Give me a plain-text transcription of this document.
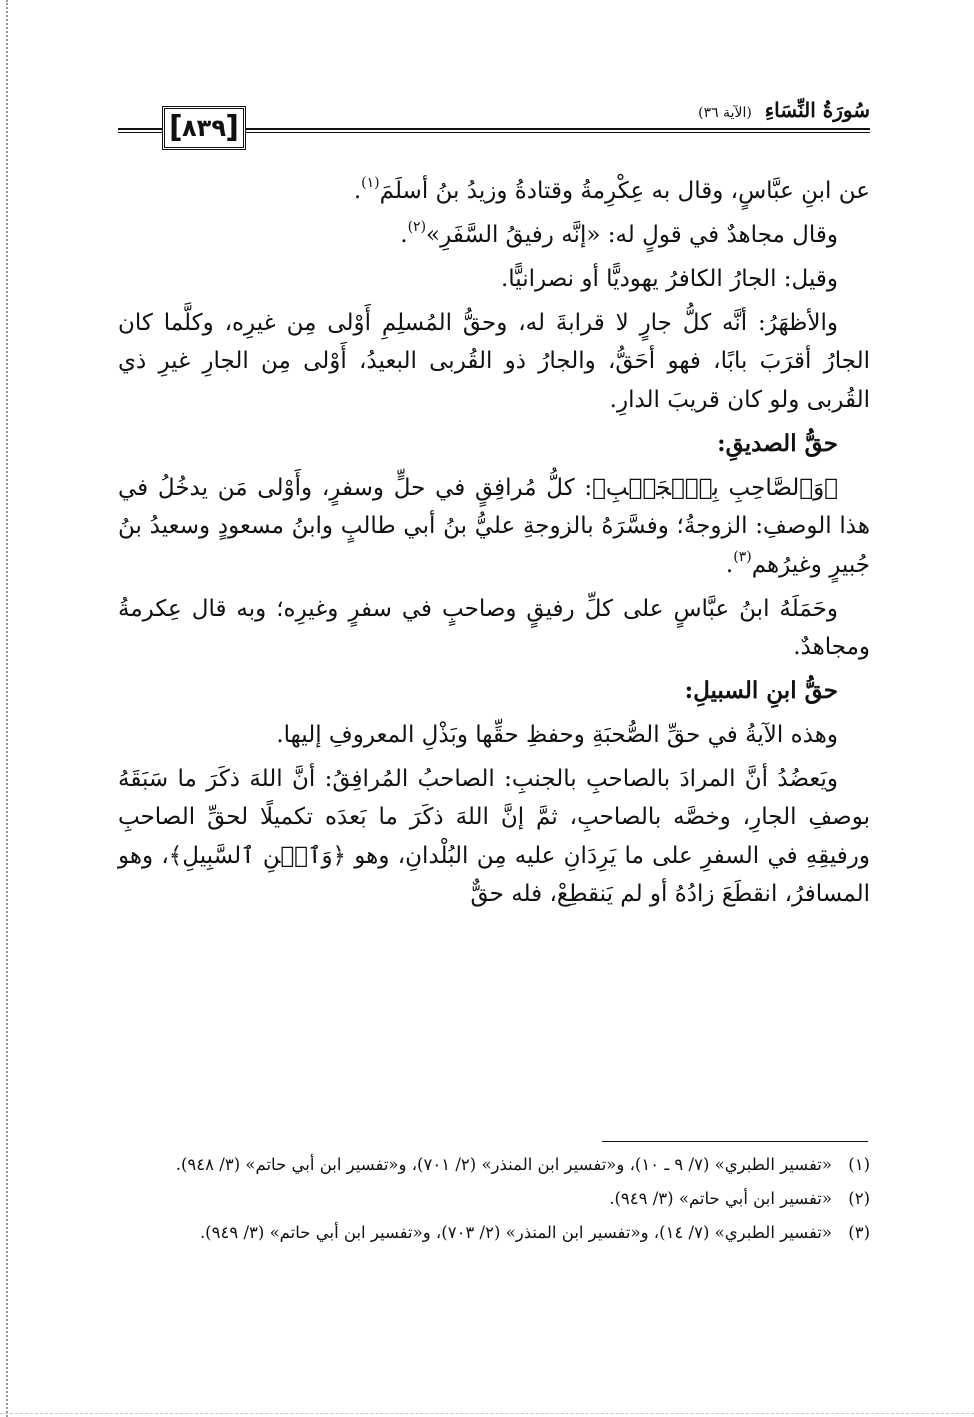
[ ٨٣٩ ]	سُورَةُ النِّسَاءِ (الآية ٣٦)

عن ابنِ عبَّاسٍ، وقال به عِكْرِمةُ وقتادةُ وزيدُ بنُ أسلَمَ$^{(١)}$.

وقال مجاهدٌ في قولٍ له: «إنَّه رفيقُ السَّفَرِ»$^{(٢)}$.

وقيل: الجارُ الكافرُ يهوديًّا أو نصرانيًّا.

والأظهَرُ: أنَّه كلُّ جارٍ لا قرابةَ له، وحقُّ المُسلِمِ أَوْلى مِن غيرِه، وكلَّما كان الجارُ أقرَبَ بابًا، فهو أحَقُّ، والجارُ ذو القُربى البعيدُ، أَوْلى مِن الجارِ غيرِ ذي القُربى ولو كان قريبَ الدارِ.

حقُّ الصديقِ:

﴿وَٱلصَّاحِبِ بِٱلۡجَنۢبِ﴾: كلُّ مُرافِقٍ في حلٍّ وسفرٍ، وأَوْلى مَن يدخُلُ في هذا الوصفِ: الزوجةُ؛ وفسَّرَهُ بالزوجةِ عليُّ بنُ أبي طالبٍ وابنُ مسعودٍ وسعيدُ بنُ جُبيرٍ وغيرُهم$^{(٣)}$.

وحَمَلَهُ ابنُ عبَّاسٍ على كلِّ رفيقٍ وصاحبٍ في سفرٍ وغيرِه؛ وبه قال عِكرمةُ ومجاهدٌ.

حقُّ ابنِ السبيلِ:

وهذه الآيةُ في حقِّ الصُّحبَةِ وحفظِ حقِّها وبَذْلِ المعروفِ إليها.

ويَعضُدُ أنَّ المرادَ بالصاحبِ بالجنبِ: الصاحبُ المُرافِقُ: أنَّ اللهَ ذكَرَ ما سَبَقَهُ بوصفِ الجارِ، وخصَّه بالصاحبِ، ثمَّ إنَّ اللهَ ذكَرَ ما بَعدَه تكميلًا لحقِّ الصاحبِ ورفيقِهِ في السفرِ على ما يَرِدَانِ عليه مِن البُلْدانِ، وهو ﴿وَٱبۡنِ ٱلسَّبِيلِ﴾، وهو المسافرُ، انقطَعَ زادُهُ أو لم يَنقطِعْ، فله حقٌّ

(١)
«تفسير الطبري» (٧/ ٩ ـ ١٠)، و«تفسير ابن المنذر» (٢/ ٧٠١)، و«تفسير ابن أبي حاتم» (٣/ ٩٤٨).
(٢)
«تفسير ابن أبي حاتم» (٣/ ٩٤٩).
(٣)
«تفسير الطبري» (٧/ ١٤)، و«تفسير ابن المنذر» (٢/ ٧٠٣)، و«تفسير ابن أبي حاتم» (٣/ ٩٤٩).
